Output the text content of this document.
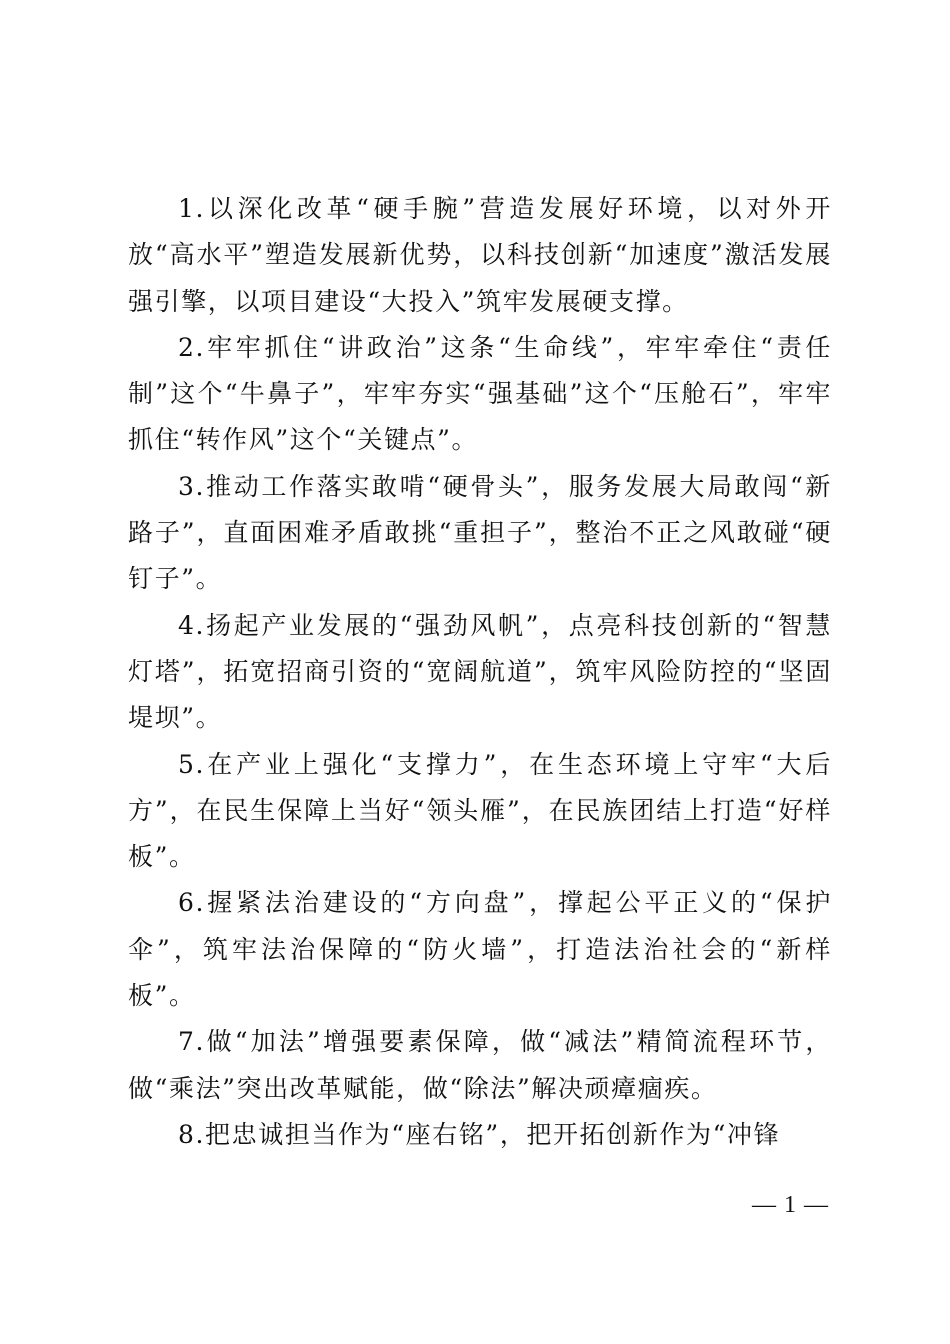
1.以深化改革“硬手腕”营造发展好环境，以对外开放“高水平”塑造发展新优势，以科技创新“加速度”激活发展强引擎，以项目建设“大投入”筑牢发展硬支撑。

2.牢牢抓住“讲政治”这条“生命线”，牢牢牵住“责任制”这个“牛鼻子”，牢牢夯实“强基础”这个“压舱石”，牢牢抓住“转作风”这个“关键点”。

3.推动工作落实敢啃“硬骨头”，服务发展大局敢闯“新路子”，直面困难矛盾敢挑“重担子”，整治不正之风敢碰“硬钉子”。

4.扬起产业发展的“强劲风帆”，点亮科技创新的“智慧灯塔”，拓宽招商引资的“宽阔航道”，筑牢风险防控的“坚固堤坝”。

5.在产业上强化“支撑力”，在生态环境上守牢“大后方”，在民生保障上当好“领头雁”，在民族团结上打造“好样板”。

6.握紧法治建设的“方向盘”，撑起公平正义的“保护伞”，筑牢法治保障的“防火墙”，打造法治社会的“新样板”。

7.做“加法”增强要素保障，做“减法”精简流程环节，做“乘法”突出改革赋能，做“除法”解决顽瘴痼疾。

8.把忠诚担当作为“座右铭”，把开拓创新作为“冲锋

— 1 —
